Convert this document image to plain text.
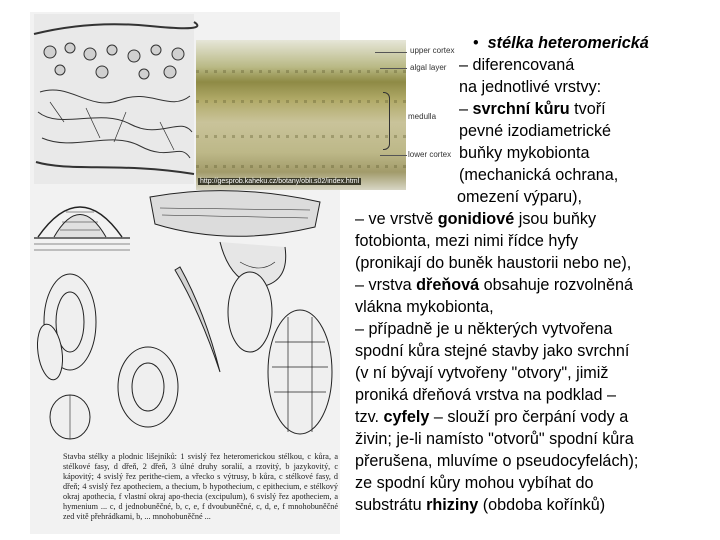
Stavba stélky a plodnic lišejníků: 1 svislý řez heteromerickou stélkou, c kůra, a stélkové fasy, d dřeň, 2 dřeň, 3 úlné druhy soralií, a rzovitý, b jazykovitý, c kápovitý; 4 svislý řez perithe-ciem, a vřecko s výtrusy, b kůra, c stélkové fasy, d dřeň; 4 svislý řez apotheciem, a thecium, b hypothecium, c epithecium, e stélkový okraj apothecia, f vlastní okraj apo-thecia (excipulum), 6 svislý řez apotheciem, a hymenium ... c, d jednobuněčné, b, c, e, f dvoubuněčné, c, d, e, f mnohobuněčné zed vitě přehrádkami, b, ... mnohobuněčné ...
http://gesprob.kaheku.cz/botany/obli.s02/index.html
upper cortex
algal layer
medulla
lower cortex
• stélka heteromerická
– diferencovaná
na jednotlivé vrstvy:
– svrchní kůru tvoří
pevné izodiametrické
buňky mykobionta
(mechanická ochrana,
omezení výparu),
– ve vrstvě gonidiové jsou buňky
fotobionta, mezi nimi řídce hyfy
(pronikají do buněk haustorii nebo ne),
– vrstva dřeňová obsahuje rozvolněná
vlákna mykobionta,
– případně je u některých vytvořena
spodní kůra stejné stavby jako svrchní
(v ní bývají vytvořeny "otvory", jimiž
proniká dřeňová vrstva na podklad –
tzv. cyfely – slouží pro čerpání vody a
živin; je-li namísto "otvorů" spodní kůra
přerušena, mluvíme o pseudocyfelách);
ze spodní kůry mohou vybíhat do
substrátu rhiziny (obdoba kořínků)
